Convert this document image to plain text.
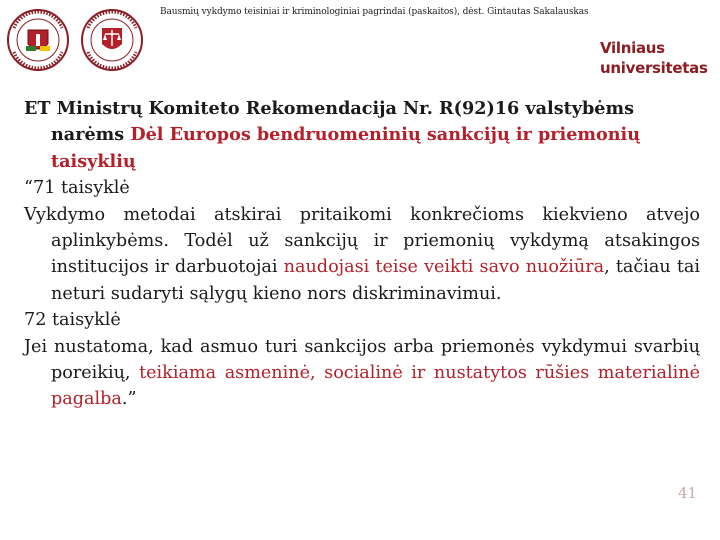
Bausmių vykdymo teisiniai ir kriminologiniai pagrindai (paskaitos), dėst. Gintautas Sakalauskas
Vilniaus
universitetas

ET Ministrų Komiteto Rekomendacija Nr. R(92)16 valstybėms narėms Dėl Europos bendruomeninių sankcijų ir priemonių taisyklių

“71 taisyklė

Vykdymo metodai atskirai pritaikomi konkrečioms kiekvieno atvejo aplinkybėms. Todėl už sankcijų ir priemonių vykdymą atsakingos institucijos ir darbuotojai naudojasi teise veikti savo nuožiūra, tačiau tai neturi sudaryti sąlygų kieno nors diskriminavimui.

72 taisyklė

Jei nustatoma, kad asmuo turi sankcijos arba priemonės vykdymui svarbių poreikių, teikiama asmeninė, socialinė ir nustatytos rūšies materialinė pagalba.”

41
